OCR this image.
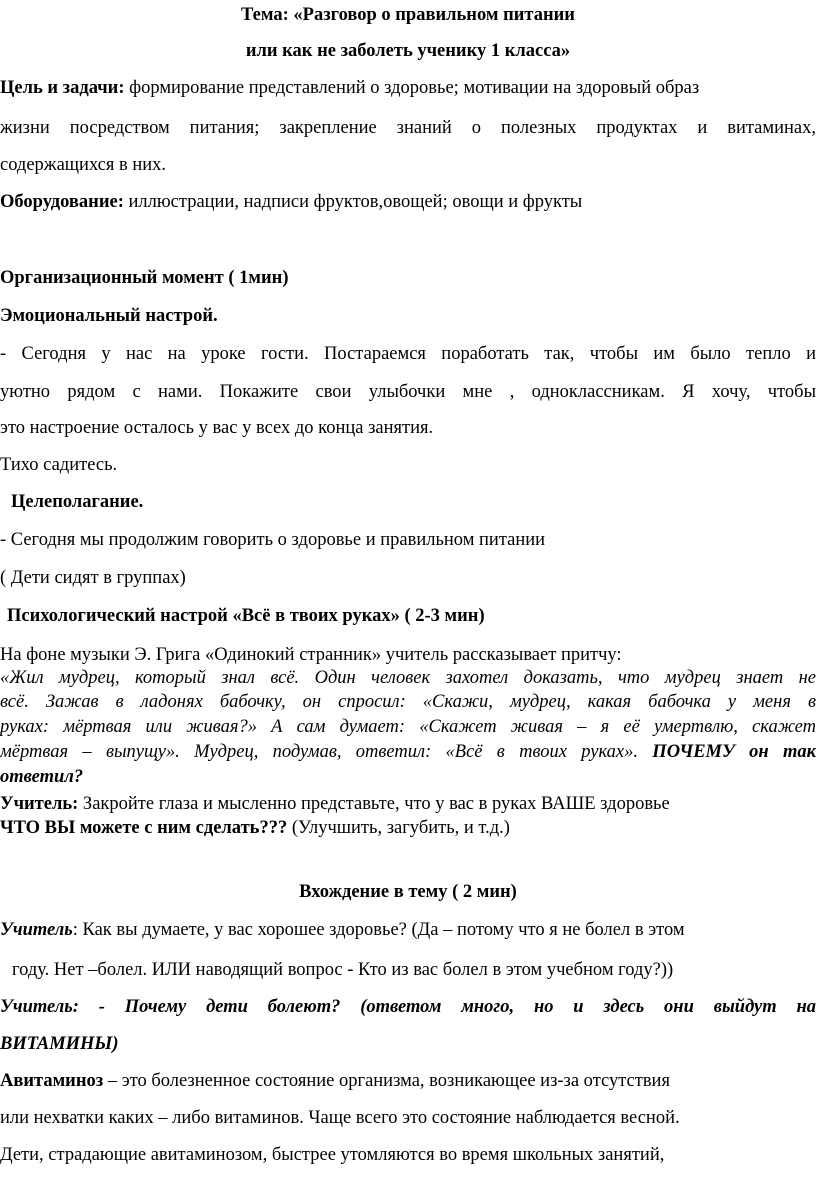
Тема: «Разговор о правильном питании
или как не заболеть ученику 1 класса»
Цель и задачи: формирование представлений о здоровье; мотивации на здоровый образ
жизни посредством питания; закрепление знаний о полезных продуктах и витаминах,
содержащихся в них.
Оборудование: иллюстрации, надписи фруктов,овощей; овощи и фрукты
Организационный момент ( 1мин)
Эмоциональный настрой.
- Сегодня у нас на уроке гости. Постараемся поработать так, чтобы им было тепло и
уютно рядом с нами. Покажите свои улыбочки мне , одноклассникам. Я хочу, чтобы
это настроение осталось у вас у всех до конца занятия.
Тихо садитесь.
Целеполагание.
- Сегодня мы продолжим говорить о здоровье и правильном питании
( Дети сидят в группах)
Психологический настрой «Всё в твоих руках» ( 2-3 мин)
На фоне музыки Э. Грига «Одинокий странник» учитель рассказывает притчу:
«Жил мудрец, который знал всё. Один человек захотел доказать, что мудрец знает не
всё. Зажав в ладонях бабочку, он спросил: «Скажи, мудрец, какая бабочка у меня в
руках: мёртвая или живая?» А сам думает: «Скажет живая – я её умертвлю, скажет
мёртвая – выпущу». Мудрец, подумав, ответил: «Всё в твоих руках». ПОЧЕМУ он так
ответил?
Учитель: Закройте глаза и мысленно представьте, что у вас в руках ВАШЕ здоровье
ЧТО ВЫ можете с ним сделать??? (Улучшить, загубить, и т.д.)
Вхождение в тему ( 2 мин)
Учитель: Как вы думаете, у вас хорошее здоровье? (Да – потому что я не болел в этом
году. Нет –болел. ИЛИ наводящий вопрос - Кто из вас болел в этом учебном году?))
Учитель: - Почему дети болеют? (ответом много, но и здесь они выйдут на
ВИТАМИНЫ)
Авитаминоз – это болезненное состояние организма, возникающее из-за отсутствия
или нехватки каких – либо витаминов. Чаще всего это состояние наблюдается весной.
Дети, страдающие авитаминозом, быстрее утомляются во время школьных занятий,
